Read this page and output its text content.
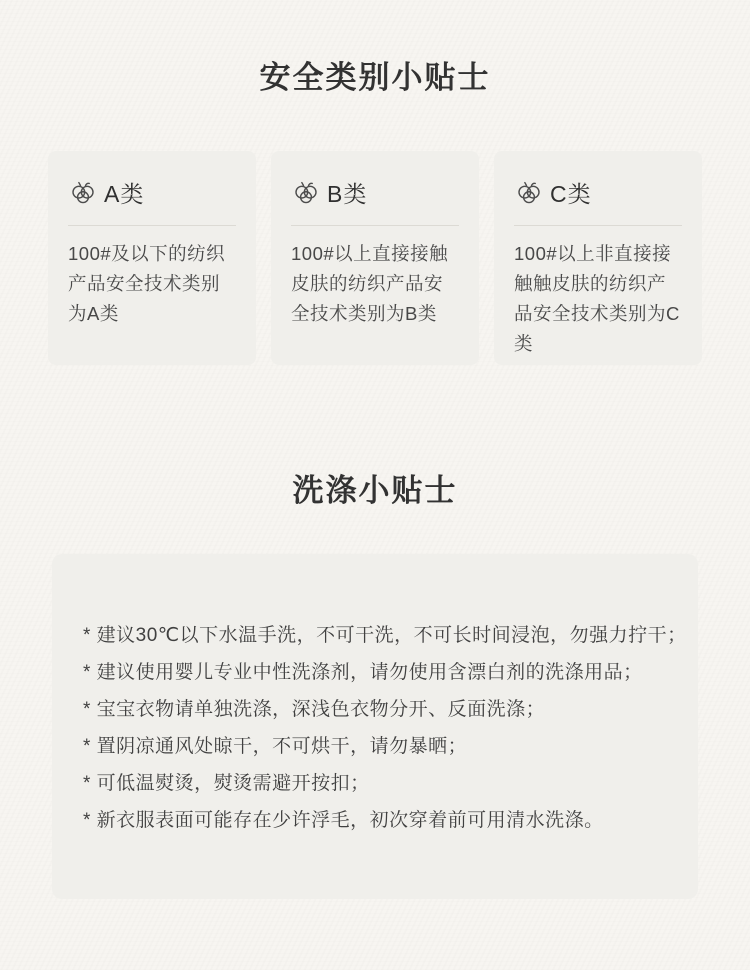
安全类别小贴士
A类

100#及以下的纺织产品安全技术类别为A类

B类

100#以上直接接触皮肤的纺织产品安全技术类别为B类

C类

100#以上非直接接触触皮肤的纺织产品安全技术类别为C类

洗涤小贴士

* 建议30℃以下水温手洗，不可干洗，不可长时间浸泡，勿强力拧干；

* 建议使用婴儿专业中性洗涤剂，请勿使用含漂白剂的洗涤用品；

* 宝宝衣物请单独洗涤，深浅色衣物分开、反面洗涤；

* 置阴凉通风处晾干，不可烘干，请勿暴晒；

* 可低温熨烫，熨烫需避开按扣；

* 新衣服表面可能存在少许浮毛，初次穿着前可用清水洗涤。
